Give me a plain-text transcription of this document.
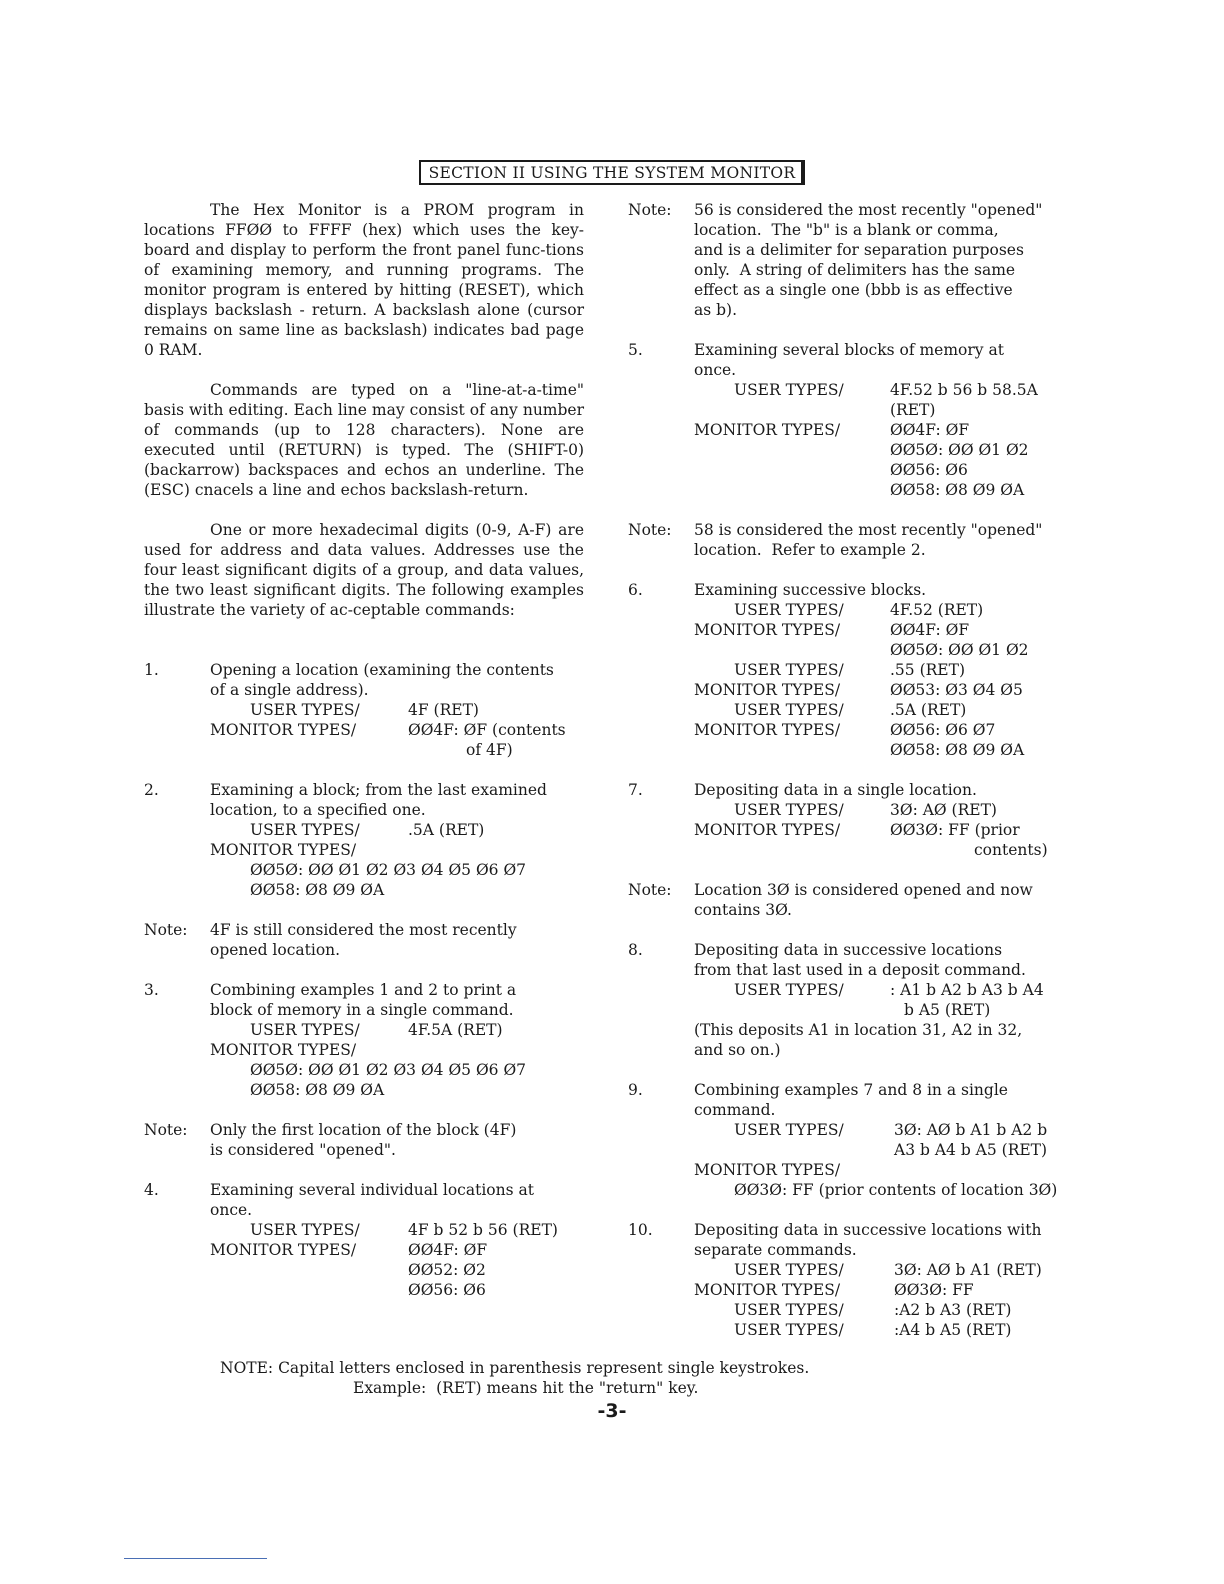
SECTION II USING THE SYSTEM MONITOR

The Hex Monitor is a PROM program in locations FFØØ to FFFF (hex) which uses the key-board and display to perform the front panel func-tions of examining memory, and running programs. The monitor program is entered by hitting (RESET), which displays backslash - return. A backslash alone (cursor remains on same line as backslash) indicates bad page 0 RAM.

Commands are typed on a "line-at-a-time" basis with editing. Each line may consist of any number of commands (up to 128 characters). None are executed until (RETURN) is typed. The (SHIFT-0) (backarrow) backspaces and echos an underline. The (ESC) cnacels a line and echos backslash-return.

One or more hexadecimal digits (0-9, A-F) are used for address and data values. Addresses use the four least significant digits of a group, and data values, the two least significant digits. The following examples illustrate the variety of ac-ceptable commands:

1.	Opening a location (examining the contents
of a single address).
USER TYPES/	4F (RET)
MONITOR TYPES/	ØØ4F: ØF (contents
of 4F)
2.	Examining a block; from the last examined
location, to a specified one.
USER TYPES/	.5A (RET)
MONITOR TYPES/
ØØ5Ø: ØØ Ø1 Ø2 Ø3 Ø4 Ø5 Ø6 Ø7
ØØ58: Ø8 Ø9 ØA
Note: 4F is still considered the most recently
opened location.
3.	Combining examples 1 and 2 to print a
block of memory in a single command.
USER TYPES/	4F.5A (RET)
MONITOR TYPES/
ØØ5Ø: ØØ Ø1 Ø2 Ø3 Ø4 Ø5 Ø6 Ø7
ØØ58: Ø8 Ø9 ØA
Note: Only the first location of the block (4F)
is considered "opened".
4.	Examining several individual locations at
once.
USER TYPES/	4F b 52 b 56 (RET)
MONITOR TYPES/	ØØ4F: ØF
ØØ52: Ø2
ØØ56: Ø6
Note: 56 is considered the most recently "opened"
location.  The "b" is a blank or comma,
and is a delimiter for separation purposes
only.  A string of delimiters has the same
effect as a single one (bbb is as effective
as b).
5.	Examining several blocks of memory at
once.
USER TYPES/	4F.52 b 56 b 58.5A
(RET)
MONITOR TYPES/	ØØ4F: ØF
ØØ5Ø: ØØ Ø1 Ø2
ØØ56: Ø6
ØØ58: Ø8 Ø9 ØA
Note: 58 is considered the most recently "opened"
location.  Refer to example 2.
6.	Examining successive blocks.
USER TYPES/	4F.52 (RET)
MONITOR TYPES/	ØØ4F: ØF
ØØ5Ø: ØØ Ø1 Ø2
USER TYPES/	.55 (RET)
MONITOR TYPES/	ØØ53: Ø3 Ø4 Ø5
USER TYPES/	.5A (RET)
MONITOR TYPES/	ØØ56: Ø6 Ø7
ØØ58: Ø8 Ø9 ØA
7.	Depositing data in a single location.
USER TYPES/	3Ø: AØ (RET)
MONITOR TYPES/	ØØ3Ø: FF (prior
contents)
Note: Location 3Ø is considered opened and now
contains 3Ø.
8.	Depositing data in successive locations
from that last used in a deposit command.
USER TYPES/	: A1 b A2 b A3 b A4
b A5 (RET)
(This deposits A1 in location 31, A2 in 32,
and so on.)
9.	Combining examples 7 and 8 in a single
command.
USER TYPES/	3Ø: AØ b A1 b A2 b
A3 b A4 b A5 (RET)
MONITOR TYPES/
ØØ3Ø: FF (prior contents of location 3Ø)
10.	Depositing data in successive locations with
separate commands.
USER TYPES/	3Ø: AØ b A1 (RET)
MONITOR TYPES/	ØØ3Ø: FF
USER TYPES/	:A2 b A3 (RET)
USER TYPES/	:A4 b A5 (RET)
NOTE: Capital letters enclosed in parenthesis represent single keystrokes.
Example:  (RET) means hit the "return" key.
-3-
